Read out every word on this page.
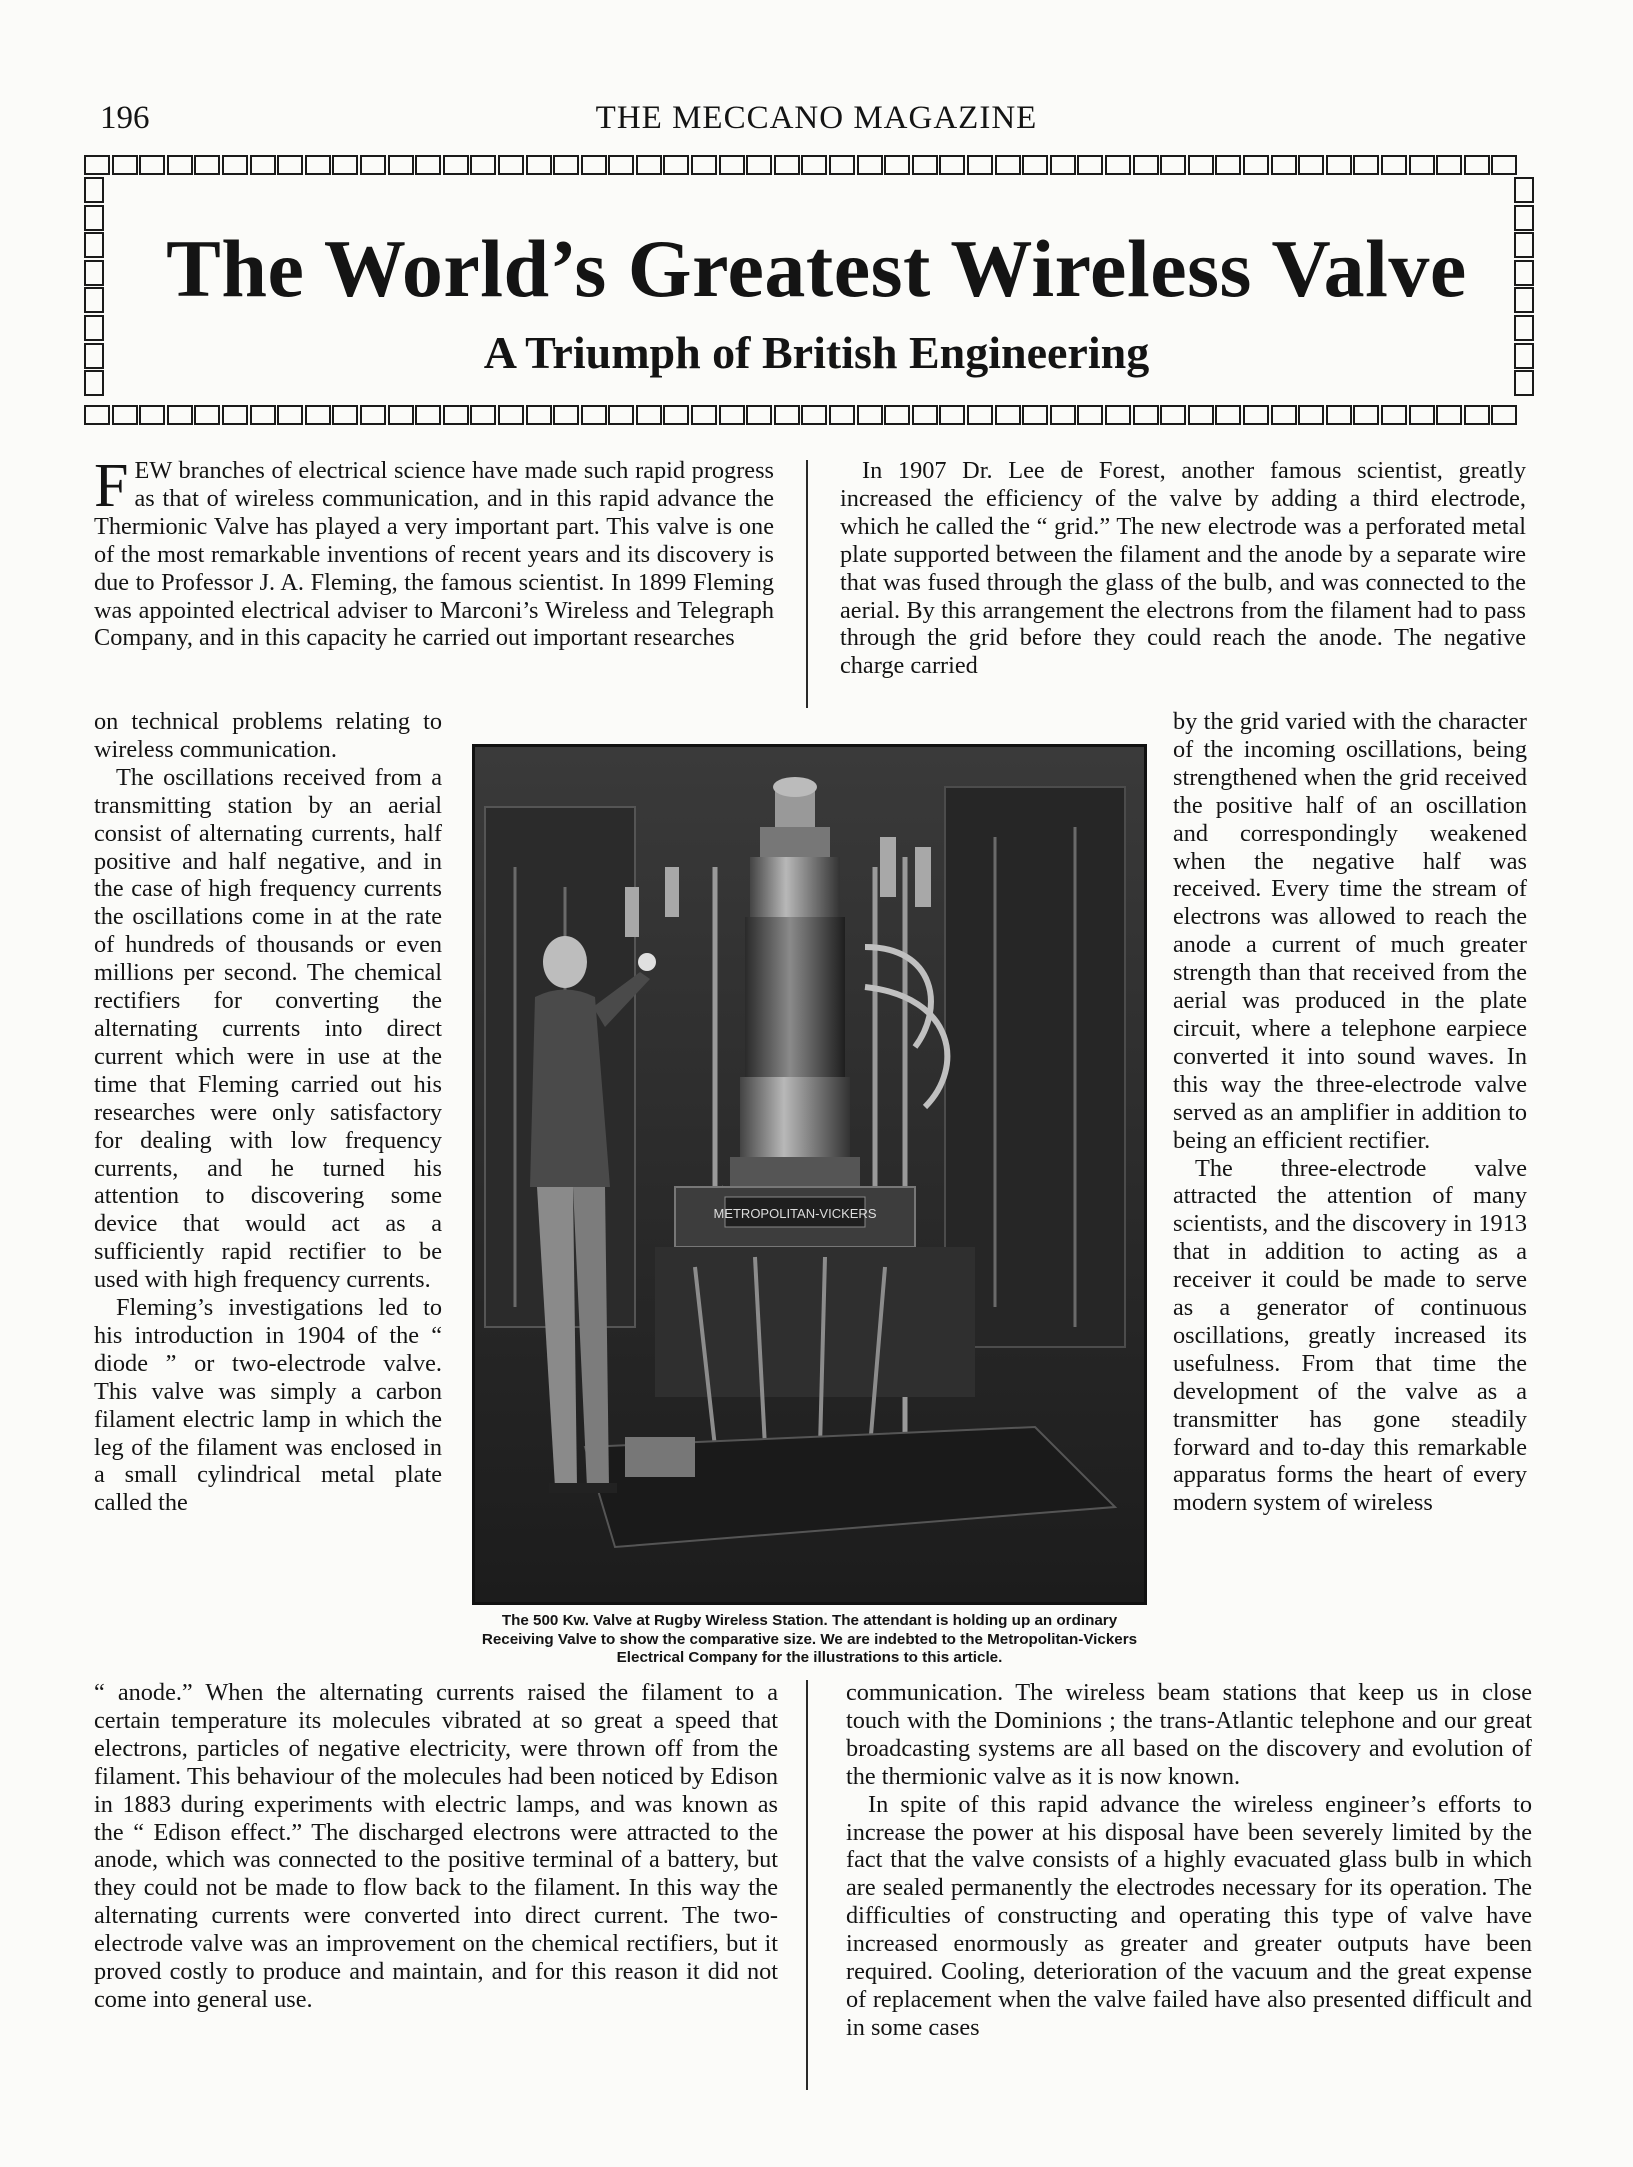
196	THE MECCANO MAGAZINE
The World’s Greatest Wireless Valve
A Triumph of British Engineering

FEW branches of electrical science have made such rapid progress as that of wireless communication, and in this rapid advance the Thermionic Valve has played a very important part. This valve is one of the most remarkable inventions of recent years and its discovery is due to Professor J. A. Fleming, the famous scientist. In 1899 Fleming was appointed electrical adviser to Marconi’s Wireless and Telegraph Company, and in this capacity he carried out important researches

on technical problems relating to wireless communication.

The oscillations received from a transmitting station by an aerial consist of alternating currents, half positive and half negative, and in the case of high frequency currents the oscillations come in at the rate of hundreds of thousands or even millions per second. The chemical rectifiers for converting the alternating currents into direct current which were in use at the time that Fleming carried out his researches were only satisfactory for dealing with low frequency currents, and he turned his attention to discovering some device that would act as a sufficiently rapid rectifier to be used with high frequency currents.

Fleming’s investigations led to his introduction in 1904 of the “ diode ” or two-electrode valve. This valve was simply a carbon filament electric lamp in which the leg of the filament was enclosed in a small cylindrical metal plate called the

“ anode.” When the alternating currents raised the filament to a certain temperature its molecules vibrated at so great a speed that electrons, particles of negative electricity, were thrown off from the filament. This behaviour of the molecules had been noticed by Edison in 1883 during experiments with electric lamps, and was known as the “ Edison effect.” The discharged electrons were attracted to the anode, which was connected to the positive terminal of a battery, but they could not be made to flow back to the filament. In this way the alternating currents were converted into direct current. The two-electrode valve was an improvement on the chemical rectifiers, but it proved costly to produce and maintain, and for this reason it did not come into general use.

In 1907 Dr. Lee de Forest, another famous scientist, greatly increased the efficiency of the valve by adding a third electrode, which he called the “ grid.” The new electrode was a perforated metal plate supported between the filament and the anode by a separate wire that was fused through the glass of the bulb, and was connected to the aerial. By this arrangement the electrons from the filament had to pass through the grid before they could reach the anode. The negative charge carried

by the grid varied with the character of the incoming oscillations, being strengthened when the grid received the positive half of an oscillation and correspondingly weakened when the negative half was received. Every time the stream of electrons was allowed to reach the anode a current of much greater strength than that received from the aerial was produced in the plate circuit, where a telephone earpiece converted it into sound waves. In this way the three-electrode valve served as an amplifier in addition to being an efficient rectifier.

The three-electrode valve attracted the attention of many scientists, and the discovery in 1913 that in addition to acting as a receiver it could be made to serve as a generator of continuous oscillations, greatly increased its usefulness. From that time the development of the valve as a transmitter has gone steadily forward and to-day this remarkable apparatus forms the heart of every modern system of wireless

communication. The wireless beam stations that keep us in close touch with the Dominions ; the trans-Atlantic telephone and our great broadcasting systems are all based on the discovery and evolution of the thermionic valve as it is now known.

In spite of this rapid advance the wireless engineer’s efforts to increase the power at his disposal have been severely limited by the fact that the valve consists of a highly evacuated glass bulb in which are sealed permanently the electrodes necessary for its operation. The difficulties of constructing and operating this type of valve have increased enormously as greater and greater outputs have been required. Cooling, deterioration of the vacuum and the great expense of replacement when the valve failed have also presented difficult and in some cases

METROPOLITAN-VICKERS
The 500 Kw. Valve at Rugby Wireless Station. The attendant is holding up an ordinary Receiving Valve to show the comparative size. We are indebted to the Metropolitan-Vickers Electrical Company for the illustrations to this article.
